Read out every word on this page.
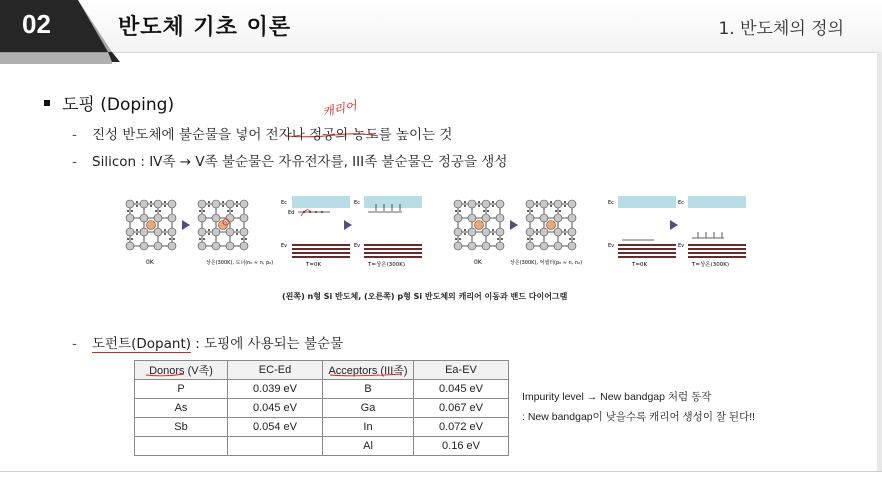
02	반도체 기초 이론	1. 반도체의 정의
도핑 (Doping)	캐리어
- 진성 반도체에 불순물을 넣어 전자나 정공의 농도를 높이는 것
- Silicon : IV족 → V족 불순물은 자유전자를, III족 불순물은 정공을 생성
0K	상온(300K), 도너(n₀ ≈ n, p₀)
Ec
Ev
Ed
T=0K
Ec
Ev
T=상온(300K)	0K	상온(300K), 억셉터(p₀ ≈ n, n₀)
Ec
Ev
T=0K
Ec
Ev
T=상온(300K)
(왼쪽) n형 Si 반도체, (오른쪽) p형 Si 반도체의 캐리어 이동과 밴드 다이어그램
- 도펀트(Dopant) : 도핑에 사용되는 불순물
Donors (V족)	EC-Ed	Acceptors (III족)	Ea-EV
P	0.039 eV	B	0.045 eV
As	0.045 eV	Ga	0.067 eV
Sb	0.054 eV	In	0.072 eV
		Al	0.16 eV
Impurity level → New bandgap 처럼 동작
: New bandgap이 낮을수록 캐리어 생성이 잘 된다!!
